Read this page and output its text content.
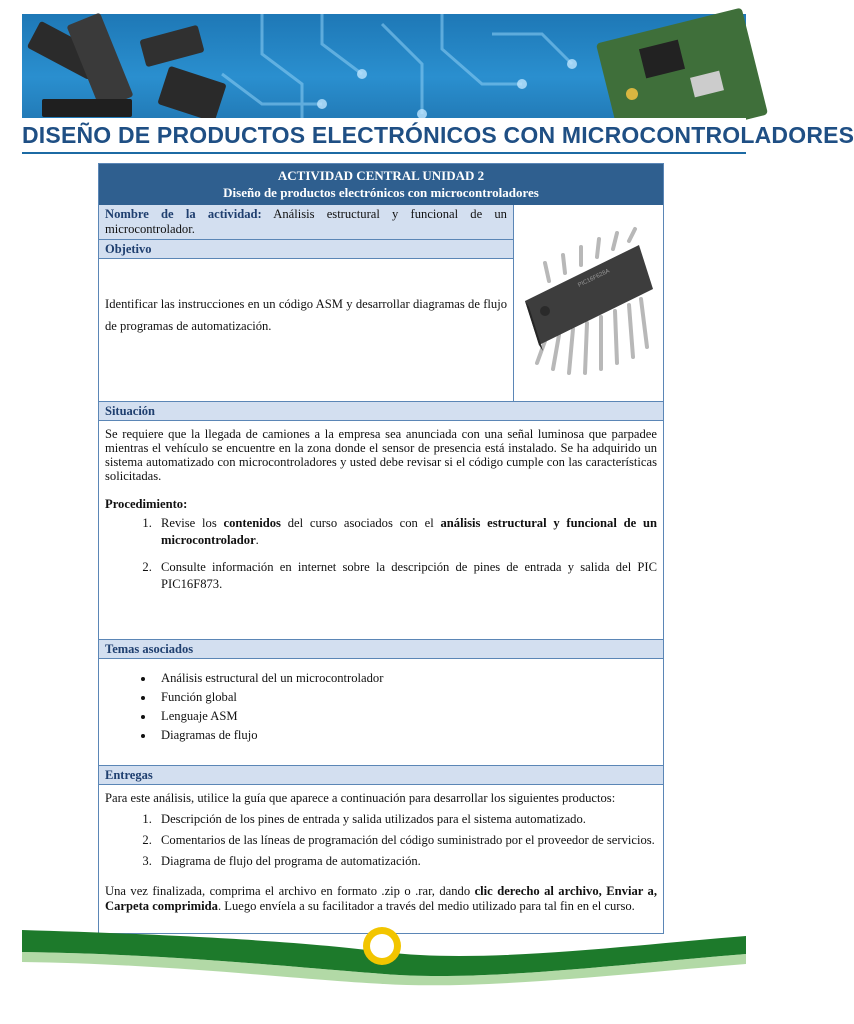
DISEÑO DE PRODUCTOS ELECTRÓNICOS CON MICROCONTROLADORES
ACTIVIDAD CENTRAL UNIDAD 2
Diseño de productos electrónicos con microcontroladores
Nombre de la actividad: Análisis estructural y funcional de un microcontrolador.
Objetivo
Identificar las instrucciones en un código ASM y desarrollar diagramas de flujo de programas de automatización.
PIC16F628A
Situación

Se requiere que la llegada de camiones a la empresa sea anunciada con una señal luminosa que parpadee mientras el vehículo se encuentre en la zona donde el sensor de presencia está instalado. Se ha adquirido un sistema automatizado con microcontroladores y usted debe revisar si el código cumple con las características solicitadas.

Procedimiento:

1. Revise los contenidos del curso asociados con el análisis estructural y funcional de un microcontrolador.
2. Consulte información en internet sobre la descripción de pines de entrada y salida del PIC PIC16F873.
Temas asociados
• Análisis estructural del un microcontrolador
• Función global
• Lenguaje ASM
• Diagramas de flujo
Entregas

Para este análisis, utilice la guía que aparece a continuación para desarrollar los siguientes productos:

1. Descripción de los pines de entrada y salida utilizados para el sistema automatizado.
2. Comentarios de las líneas de programación del código suministrado por el proveedor de servicios.
3. Diagrama de flujo del programa de automatización.

Una vez finalizada, comprima el archivo en formato .zip o .rar, dando clic derecho al archivo, Enviar a, Carpeta comprimida. Luego envíela a su facilitador a través del medio utilizado para tal fin en el curso.
